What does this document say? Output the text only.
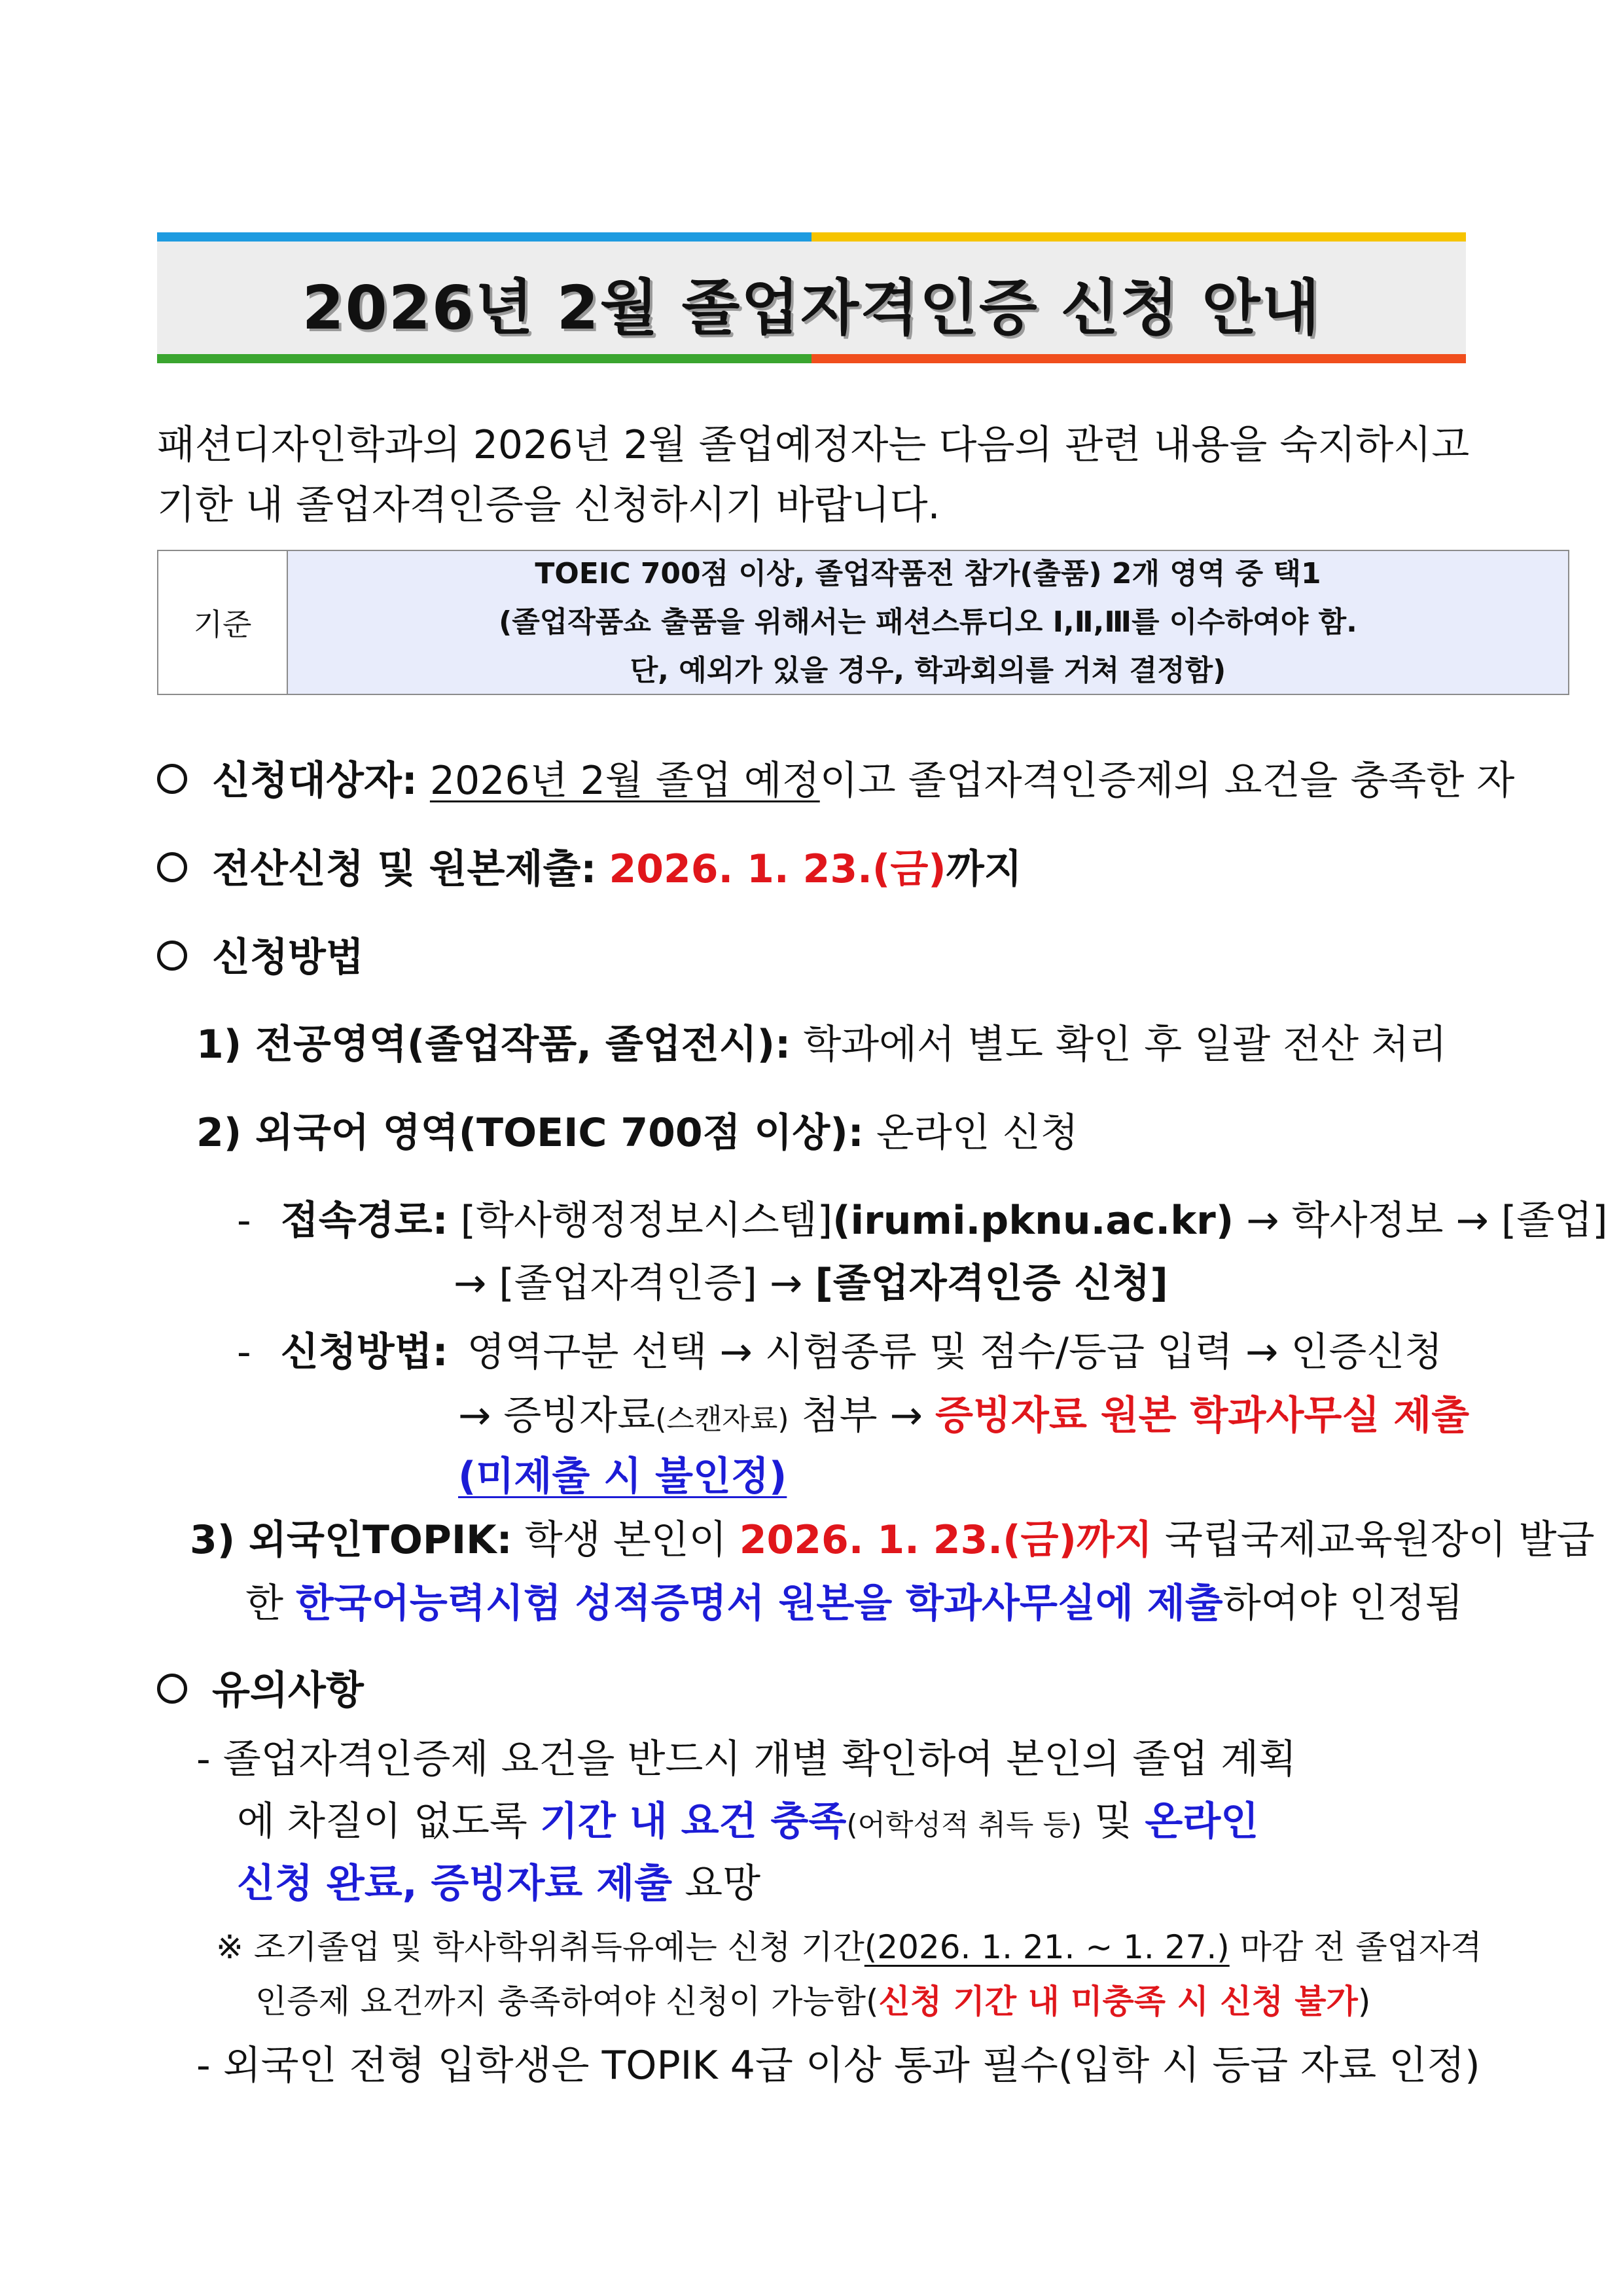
2026년 2월 졸업자격인증 신청 안내
패션디자인학과의 2026년 2월 졸업예정자는 다음의 관련 내용을 숙지하시고
기한 내 졸업자격인증을 신청하시기 바랍니다.
기준
TOEIC 700점 이상, 졸업작품전 참가(출품) 2개 영역 중 택1
(졸업작품쇼 출품을 위해서는 패션스튜디오 Ⅰ,Ⅱ,Ⅲ를 이수하여야 함.
단, 예외가 있을 경우, 학과회의를 거쳐 결정함)
신청대상자: 2026년 2월 졸업 예정이고 졸업자격인증제의 요건을 충족한 자
전산신청 및 원본제출: 2026. 1. 23.(금)까지
신청방법
1) 전공영역(졸업작품, 졸업전시): 학과에서 별도 확인 후 일괄 전산 처리
2) 외국어 영역(TOEIC 700점 이상): 온라인 신청
- 접속경로: [학사행정정보시스템](irumi.pknu.ac.kr) → 학사정보 → [졸업]
→ [졸업자격인증] → [졸업자격인증 신청]
- 신청방법: 영역구분 선택 → 시험종류 및 점수/등급 입력 → 인증신청
→ 증빙자료(스캔자료) 첨부 → 증빙자료 원본 학과사무실 제출
(미제출 시 불인정)
3) 외국인TOPIK: 학생 본인이 2026. 1. 23.(금)까지 국립국제교육원장이 발급
한 한국어능력시험 성적증명서 원본을 학과사무실에 제출하여야 인정됨
유의사항
- 졸업자격인증제 요건을 반드시 개별 확인하여 본인의 졸업 계획
에 차질이 없도록 기간 내 요건 충족(어학성적 취득 등) 및 온라인
신청 완료, 증빙자료 제출 요망
※ 조기졸업 및 학사학위취득유예는 신청 기간(2026. 1. 21. ~ 1. 27.) 마감 전 졸업자격
인증제 요건까지 충족하여야 신청이 가능함(신청 기간 내 미충족 시 신청 불가)
- 외국인 전형 입학생은 TOPIK 4급 이상 통과 필수(입학 시 등급 자료 인정)
